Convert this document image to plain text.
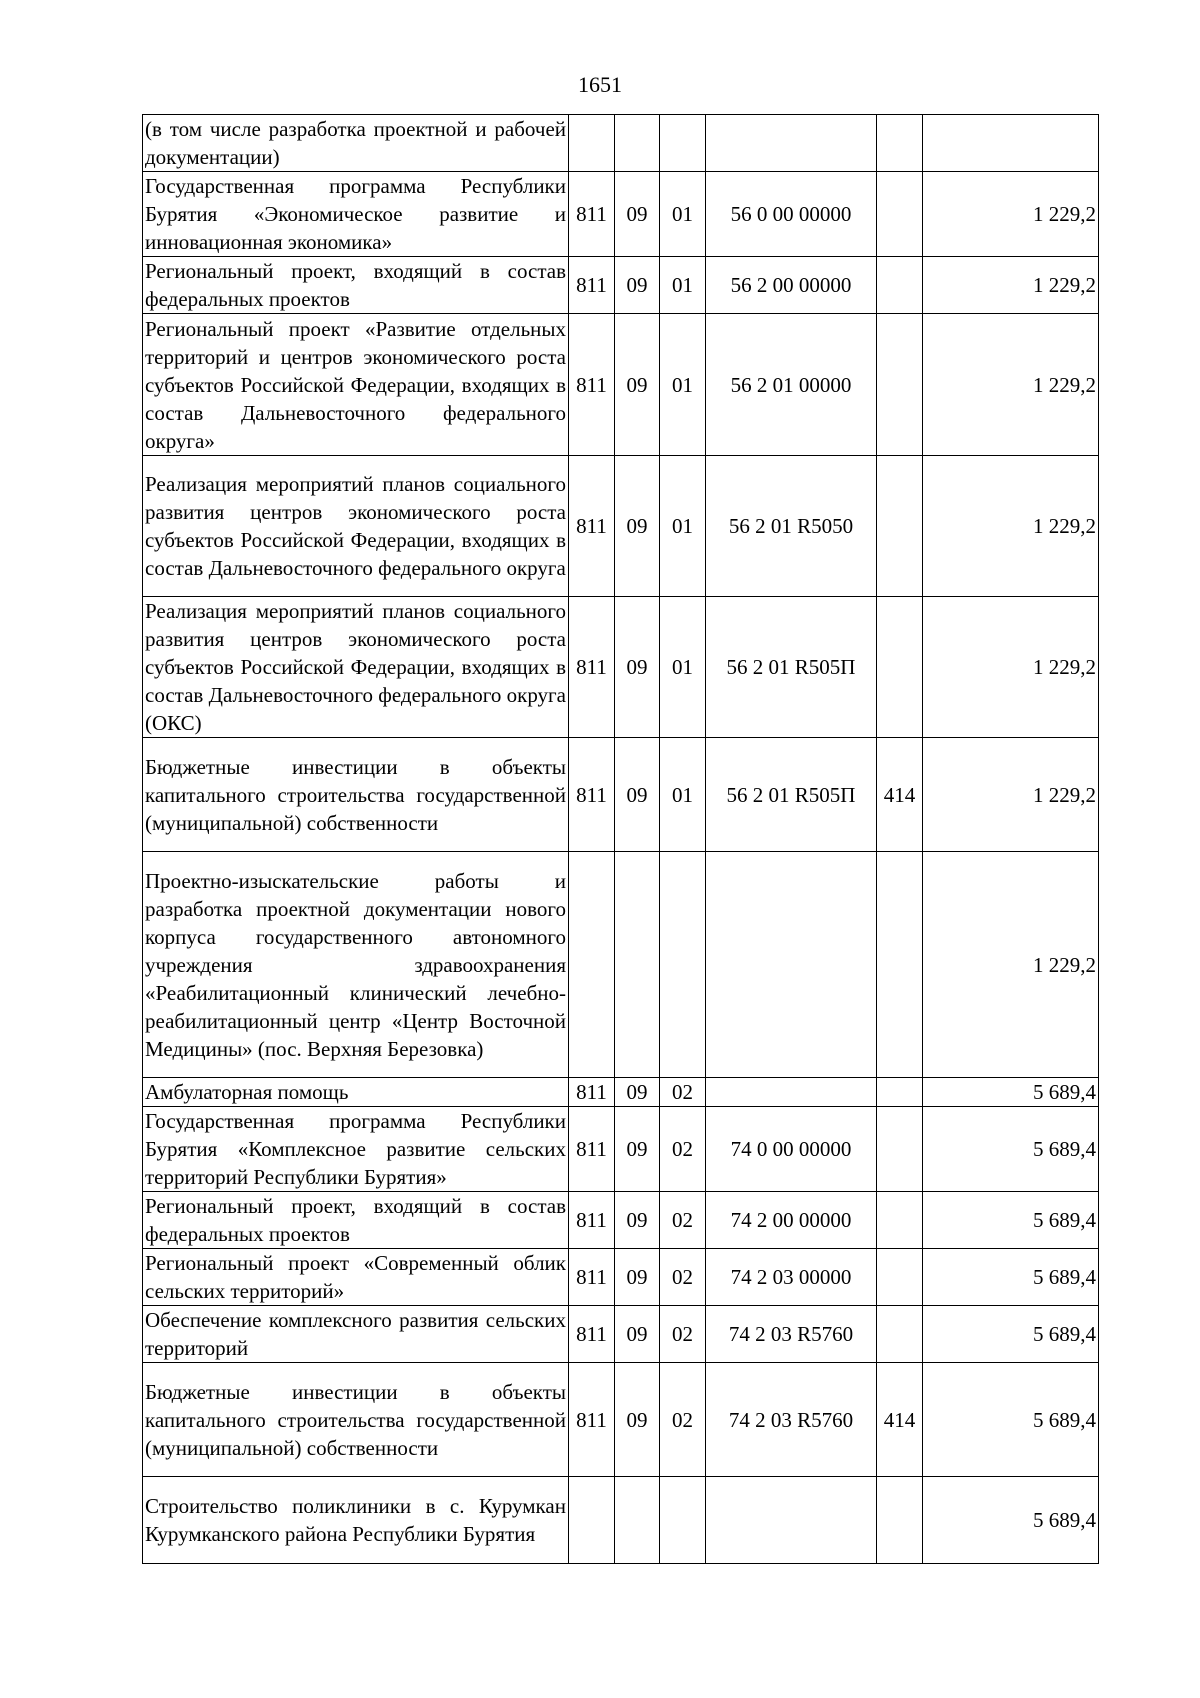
1651
(в том числе разработка проектной и рабочей документации)						
Государственная программа Республики Бурятия «Экономическое развитие и инновационная экономика»	811	09	01	56 0 00 00000		1 229,2
Региональный проект, входящий в состав федеральных проектов	811	09	01	56 2 00 00000		1 229,2
Региональный проект «Развитие отдельных территорий и центров экономического роста субъектов Российской Федерации, входящих в состав Дальневосточного федерального округа»	811	09	01	56 2 01 00000		1 229,2
Реализация мероприятий планов социального развития центров экономического роста субъектов Российской Федерации, входящих в состав Дальневосточного федерального округа	811	09	01	56 2 01 R5050		1 229,2
Реализация мероприятий планов социального развития центров экономического роста субъектов Российской Федерации, входящих в состав Дальневосточного федерального округа (ОКС)	811	09	01	56 2 01 R505П		1 229,2
Бюджетные инвестиции в объекты капитального строительства государственной (муниципальной) собственности	811	09	01	56 2 01 R505П	414	1 229,2
Проектно-изыскательские работы и разработка проектной документации нового корпуса государственного автономного учреждения здравоохранения «Реабилитационный клинический лечебно-реабилитационный центр «Центр Восточной Медицины» (пос. Верхняя Березовка)						1 229,2
Амбулаторная помощь	811	09	02			5 689,4
Государственная программа Республики Бурятия «Комплексное развитие сельских территорий Республики Бурятия»	811	09	02	74 0 00 00000		5 689,4
Региональный проект, входящий в состав федеральных проектов	811	09	02	74 2 00 00000		5 689,4
Региональный проект «Современный облик сельских территорий»	811	09	02	74 2 03 00000		5 689,4
Обеспечение комплексного развития сельских территорий	811	09	02	74 2 03 R5760		5 689,4
Бюджетные инвестиции в объекты капитального строительства государственной (муниципальной) собственности	811	09	02	74 2 03 R5760	414	5 689,4
Строительство поликлиники в с. Курумкан Курумканского района Республики Бурятия						5 689,4
